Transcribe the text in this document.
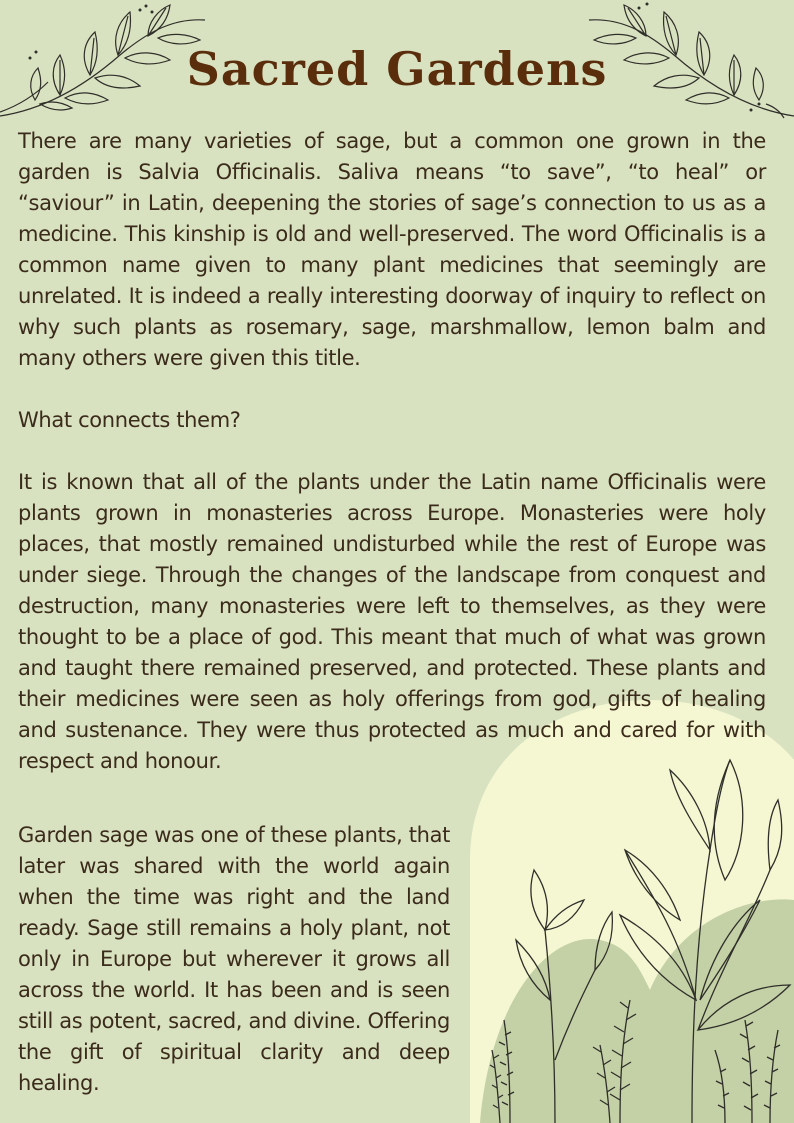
Sacred Gardens

There are many varieties of sage, but a common one grown in the garden is Salvia Officinalis. Saliva means “to save”, “to heal” or “saviour” in Latin, deepening the stories of sage’s connection to us as a medicine. This kinship is old and well-preserved. The word Officinalis is a common name given to many plant medicines that seemingly are unrelated. It is indeed a really interesting doorway of inquiry to reflect on why such plants as rosemary, sage, marshmallow, lemon balm and many others were given this title.

What connects them?

It is known that all of the plants under the Latin name Officinalis were plants grown in monasteries across Europe. Monasteries were holy places, that mostly remained undisturbed while the rest of Europe was under siege. Through the changes of the landscape from conquest and destruction, many monasteries were left to themselves, as they were thought to be a place of god. This meant that much of what was grown and taught there remained preserved, and protected. These plants and their medicines were seen as holy offerings from god, gifts of healing and sustenance. They were thus protected as much and cared for with respect and honour.

Garden sage was one of these plants, that later was shared with the world again when the time was right and the land ready. Sage still remains a holy plant, not only in Europe but wherever it grows all across the world. It has been and is seen still as potent, sacred, and divine. Offering the gift of spiritual clarity and deep healing.
